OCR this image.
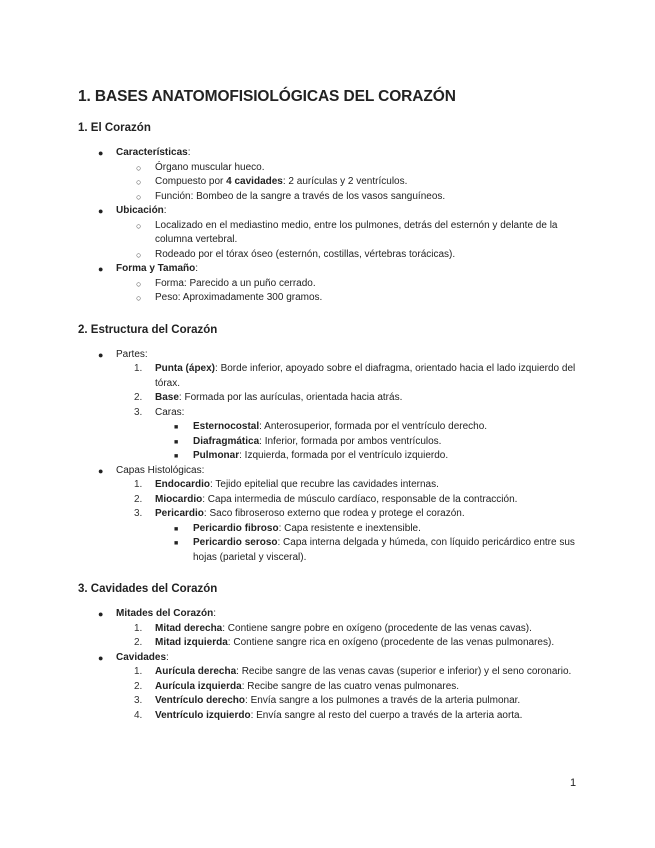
1. BASES ANATOMOFISIOLÓGICAS DEL CORAZÓN
1. El Corazón
● Características:
○ Órgano muscular hueco.
○ Compuesto por 4 cavidades: 2 aurículas y 2 ventrículos.
○ Función: Bombeo de la sangre a través de los vasos sanguíneos.
● Ubicación:
○ Localizado en el mediastino medio, entre los pulmones, detrás del esternón y delante de la columna vertebral.
○ Rodeado por el tórax óseo (esternón, costillas, vértebras torácicas).
● Forma y Tamaño:
○ Forma: Parecido a un puño cerrado.
○ Peso: Aproximadamente 300 gramos.
2. Estructura del Corazón
● Partes:
1. Punta (ápex): Borde inferior, apoyado sobre el diafragma, orientado hacia el lado izquierdo del tórax.
2. Base: Formada por las aurículas, orientada hacia atrás.
3. Caras:
■ Esternocostal: Anterosuperior, formada por el ventrículo derecho.
■ Diafragmática: Inferior, formada por ambos ventrículos.
■ Pulmonar: Izquierda, formada por el ventrículo izquierdo.
● Capas Histológicas:
1. Endocardio: Tejido epitelial que recubre las cavidades internas.
2. Miocardio: Capa intermedia de músculo cardíaco, responsable de la contracción.
3. Pericardio: Saco fibroseroso externo que rodea y protege el corazón.
■ Pericardio fibroso: Capa resistente e inextensible.
■ Pericardio seroso: Capa interna delgada y húmeda, con líquido pericárdico entre sus hojas (parietal y visceral).
3. Cavidades del Corazón
● Mitades del Corazón:
1. Mitad derecha: Contiene sangre pobre en oxígeno (procedente de las venas cavas).
2. Mitad izquierda: Contiene sangre rica en oxígeno (procedente de las venas pulmonares).
● Cavidades:
1. Aurícula derecha: Recibe sangre de las venas cavas (superior e inferior) y el seno coronario.
2. Aurícula izquierda: Recibe sangre de las cuatro venas pulmonares.
3. Ventrículo derecho: Envía sangre a los pulmones a través de la arteria pulmonar.
4. Ventrículo izquierdo: Envía sangre al resto del cuerpo a través de la arteria aorta.
1
